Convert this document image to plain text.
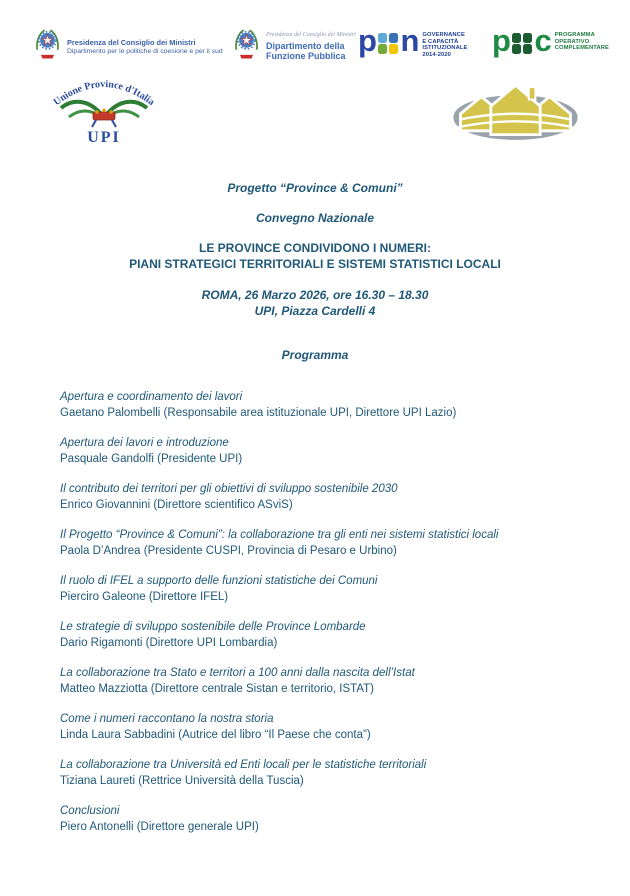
Presidenza del Consiglio dei Ministri
Dipartimento per le politiche di coesione e per il sud
Presidenza del Consiglio dei Ministri
Dipartimento della
Funzione Pubblica p n GOVERNANCE
E CAPACITÀ
ISTITUZIONALE
2014-2020	p c PROGRAMMA
OPERATIVO
COMPLEMENTARE
Unione Province d'Italia
UPI
Progetto “Province & Comuni”
Convegno Nazionale
LE PROVINCE CONDIVIDONO I NUMERI:
PIANI STRATEGICI TERRITORIALI E SISTEMI STATISTICI LOCALI
ROMA, 26 Marzo 2026, ore 16.30 – 18.30
UPI, Piazza Cardelli 4
Programma
Apertura e coordinamento dei lavori
Gaetano Palombelli (Responsabile area istituzionale UPI, Direttore UPI Lazio)
Apertura dei lavori e introduzione
Pasquale Gandolfi (Presidente UPI)
Il contributo dei territori per gli obiettivi di sviluppo sostenibile 2030
Enrico Giovannini (Direttore scientifico ASviS)
Il Progetto “Province & Comuni”: la collaborazione tra gli enti nei sistemi statistici locali
Paola D’Andrea (Presidente CUSPI, Provincia di Pesaro e Urbino)
Il ruolo di IFEL a supporto delle funzioni statistiche dei Comuni
Pierciro Galeone (Direttore IFEL)
Le strategie di sviluppo sostenibile delle Province Lombarde
Dario Rigamonti (Direttore UPI Lombardia)
La collaborazione tra Stato e territori a 100 anni dalla nascita dell’Istat
Matteo Mazziotta (Direttore centrale Sistan e territorio, ISTAT)
Come i numeri raccontano la nostra storia
Linda Laura Sabbadini (Autrice del libro “Il Paese che conta”)
La collaborazione tra Università ed Enti locali per le statistiche territoriali
Tiziana Laureti (Rettrice Università della Tuscia)
Conclusioni
Piero Antonelli (Direttore generale UPI)
